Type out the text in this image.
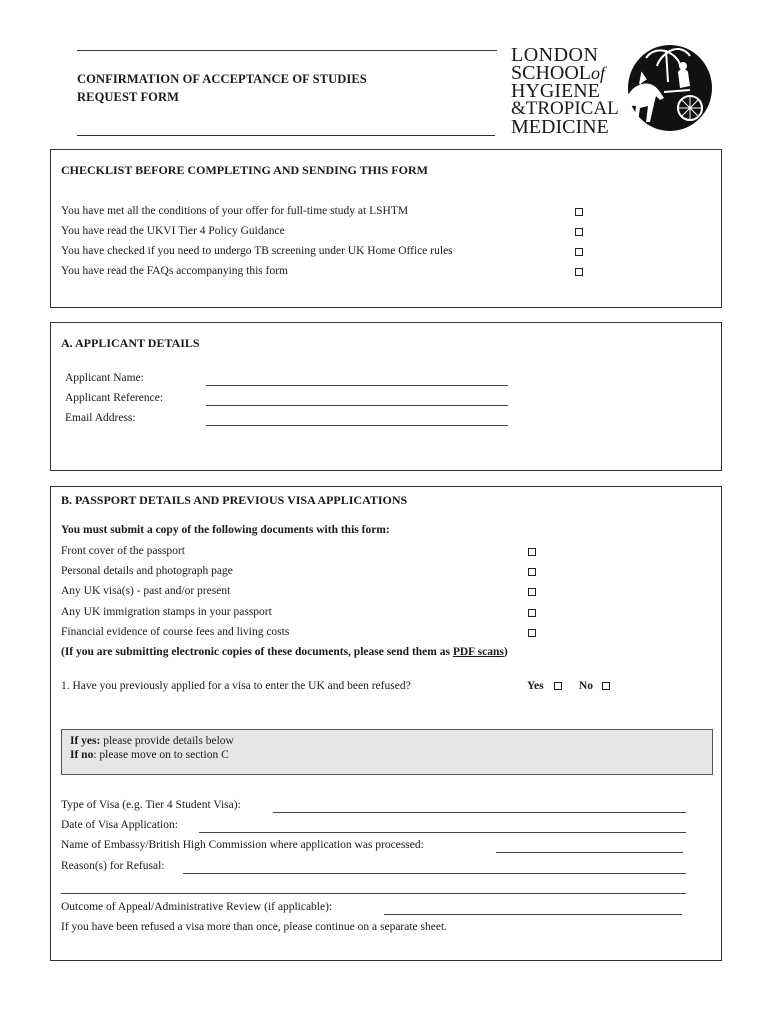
CONFIRMATION OF ACCEPTANCE OF STUDIES
REQUEST FORM
LONDON
SCHOOLof
HYGIENE
&TROPICAL
MEDICINE
CHECKLIST BEFORE COMPLETING AND SENDING THIS FORM
You have met all the conditions of your offer for full-time study at LSHTM
You have read the UKVI Tier 4 Policy Guidance
You have checked if you need to undergo TB screening under UK Home Office rules
You have read the FAQs accompanying this form
A. APPLICANT DETAILS
Applicant Name:
Applicant Reference:
Email Address:
B. PASSPORT DETAILS AND PREVIOUS VISA APPLICATIONS
You must submit a copy of the following documents with this form:
Front cover of the passport
Personal details and photograph page
Any UK visa(s) - past and/or present
Any UK immigration stamps in your passport
Financial evidence of course fees and living costs
(If you are submitting electronic copies of these documents, please send them as PDF scans)
1. Have you previously applied for a visa to enter the UK and been refused?	Yes	No
If yes: please provide details below
If no: please move on to section C
Type of Visa (e.g. Tier 4 Student Visa):
Date of Visa Application:
Name of Embassy/British High Commission where application was processed:
Reason(s) for Refusal:
Outcome of Appeal/Administrative Review (if applicable):
If you have been refused a visa more than once, please continue on a separate sheet.
